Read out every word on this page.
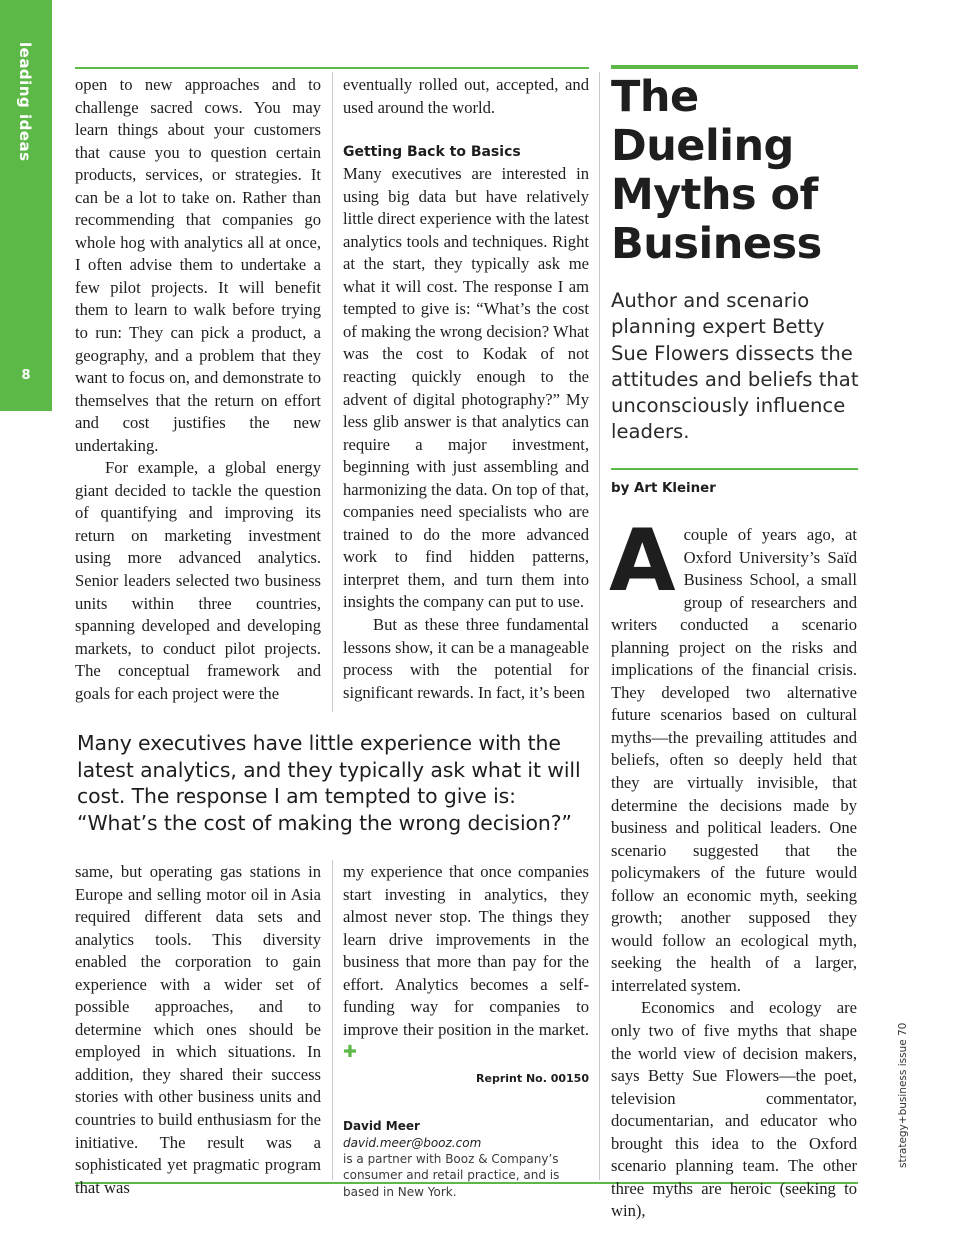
leading ideas
8

open to new approaches and to challenge sacred cows. You may learn things about your customers that cause you to question certain products, services, or strategies. It can be a lot to take on. Rather than recommending that companies go whole hog with analytics all at once, I often advise them to undertake a few pilot projects. It will benefit them to learn to walk before trying to run: They can pick a product, a geography, and a problem that they want to focus on, and demonstrate to themselves that the return on effort and cost justifies the new undertaking.

For example, a global energy giant decided to tackle the question of quantifying and improving its return on marketing investment using more advanced analytics. Senior leaders selected two business units within three countries, spanning developed and developing markets, to conduct pilot projects. The conceptual framework and goals for each project were the

eventually rolled out, accepted, and used around the world.

Getting Back to Basics

Many executives are interested in using big data but have relatively little direct experience with the latest analytics tools and techniques. Right at the start, they typically ask me what it will cost. The response I am tempted to give is: “What’s the cost of making the wrong decision? What was the cost to Kodak of not reacting quickly enough to the advent of digital photography?” My less glib answer is that analytics can require a major investment, beginning with just assembling and harmonizing the data. On top of that, companies need specialists who are trained to do the more advanced work to find hidden patterns, interpret them, and turn them into insights the company can put to use.

But as these three fundamental lessons show, it can be a manageable process with the potential for significant rewards. In fact, it’s been

Many executives have little experience with the latest analytics, and they typically ask what it will cost. The response I am tempted to give is: “What’s the cost of making the wrong decision?”

same, but operating gas stations in Europe and selling motor oil in Asia required different data sets and analytics tools. This diversity enabled the corporation to gain experience with a wider set of possible approaches, and to determine which ones should be employed in which situations. In addition, they shared their success stories with other business units and countries to build enthusiasm for the initiative. The result was a sophisticated yet pragmatic program that was

my experience that once companies start investing in analytics, they almost never stop. The things they learn drive improvements in the business that more than pay for the effort. Analytics becomes a self-funding way for companies to improve their position in the market. ✚

Reprint No. 00150
David Meer
david.meer@booz.com
is a partner with Booz & Company’s consumer and retail practice, and is based in New York.
The Dueling Myths of Business
Author and scenario planning expert Betty Sue Flowers dissects the attitudes and beliefs that unconsciously influence leaders.
by Art Kleiner

Acouple of years ago, at Oxford University’s Saïd Business School, a small group of researchers and writers conducted a scenario planning project on the risks and implications of the financial crisis. They developed two alternative future scenarios based on cultural myths—the prevailing attitudes and beliefs, often so deeply held that they are virtually invisible, that determine the decisions made by business and political leaders. One scenario suggested that the policymakers of the future would follow an economic myth, seeking growth; another supposed they would follow an ecological myth, seeking the health of a larger, interrelated system.

Economics and ecology are only two of five myths that shape the world view of decision makers, says Betty Sue Flowers—the poet, television commentator, documentarian, and educator who brought this idea to the Oxford scenario planning team. The other three myths are heroic (seeking to win),

strategy+business issue 70
